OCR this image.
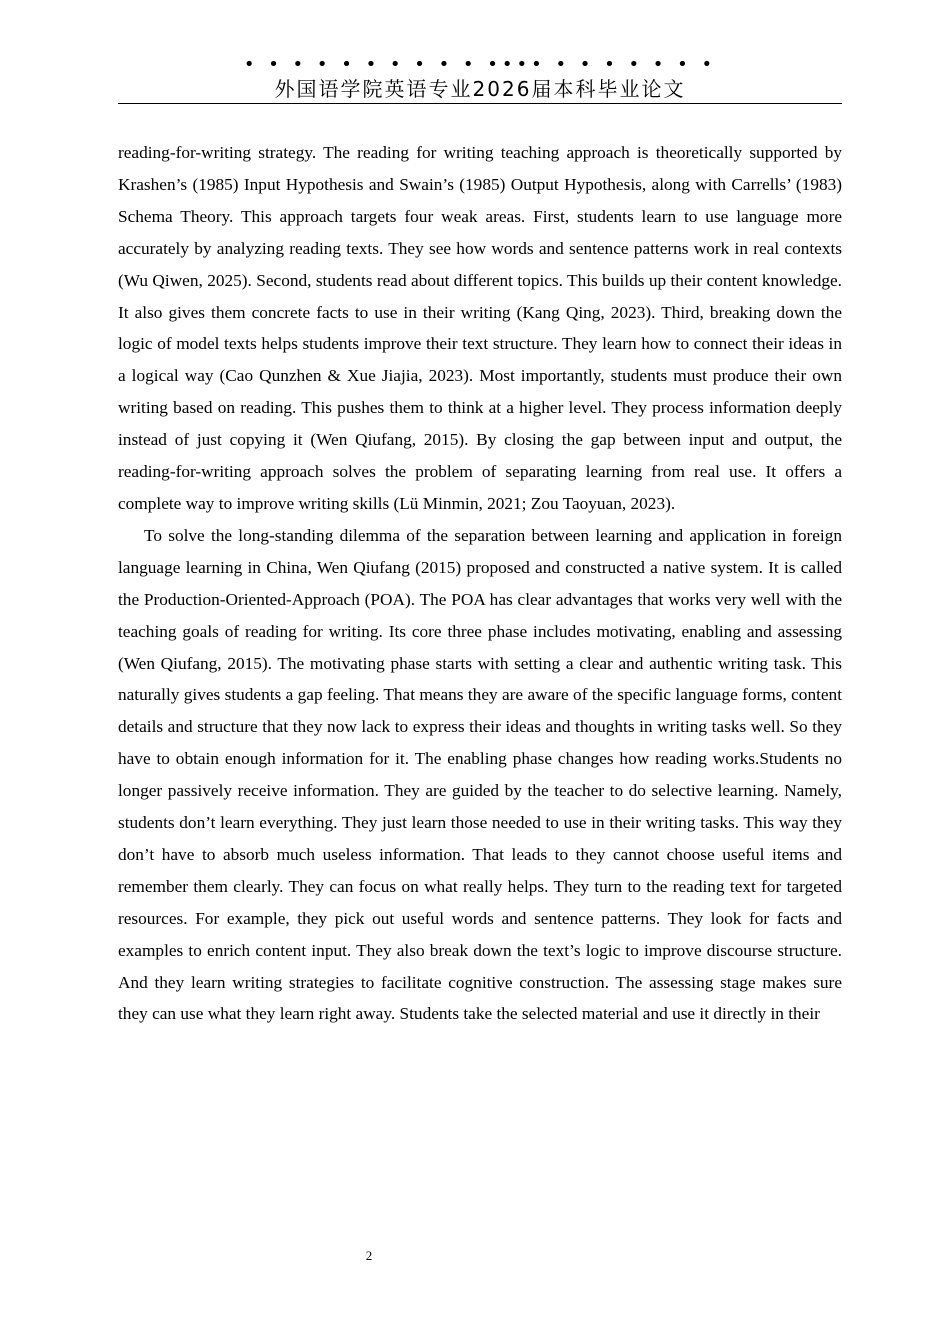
• • • • • • • • • • •••• • • • • • • •
外国语学院英语专业2026届本科毕业论文

reading-for-writing strategy. The reading for writing teaching approach is theoretically supported by Krashen’s (1985) Input Hypothesis and Swain’s (1985) Output Hypothesis, along with Carrells’ (1983) Schema Theory. This approach targets four weak areas. First, students learn to use language more accurately by analyzing reading texts. They see how words and sentence patterns work in real contexts (Wu Qiwen, 2025). Second, students read about different topics. This builds up their content knowledge. It also gives them concrete facts to use in their writing (Kang Qing, 2023). Third, breaking down the logic of model texts helps students improve their text structure. They learn how to connect their ideas in a logical way (Cao Qunzhen & Xue Jiajia, 2023). Most importantly, students must produce their own writing based on reading. This pushes them to think at a higher level. They process information deeply instead of just copying it (Wen Qiufang, 2015). By closing the gap between input and output, the reading-for-writing approach solves the problem of separating learning from real use. It offers a complete way to improve writing skills (Lü Minmin, 2021; Zou Taoyuan, 2023).

To solve the long-standing dilemma of the separation between learning and application in foreign language learning in China, Wen Qiufang (2015) proposed and constructed a native system. It is called the Production-Oriented-Approach (POA). The POA has clear advantages that works very well with the teaching goals of reading for writing. Its core three phase includes motivating, enabling and assessing (Wen Qiufang, 2015). The motivating phase starts with setting a clear and authentic writing task. This naturally gives students a gap feeling. That means they are aware of the specific language forms, content details and structure that they now lack to express their ideas and thoughts in writing tasks well. So they have to obtain enough information for it. The enabling phase changes how reading works.Students no longer passively receive information. They are guided by the teacher to do selective learning. Namely, students don’t learn everything. They just learn those needed to use in their writing tasks. This way they don’t have to absorb much useless information. That leads to they cannot choose useful items and remember them clearly. They can focus on what really helps. They turn to the reading text for targeted resources. For example, they pick out useful words and sentence patterns. They look for facts and examples to enrich content input. They also break down the text’s logic to improve discourse structure. And they learn writing strategies to facilitate cognitive construction. The assessing stage makes sure they can use what they learn right away. Students take the selected material and use it directly in their

2
